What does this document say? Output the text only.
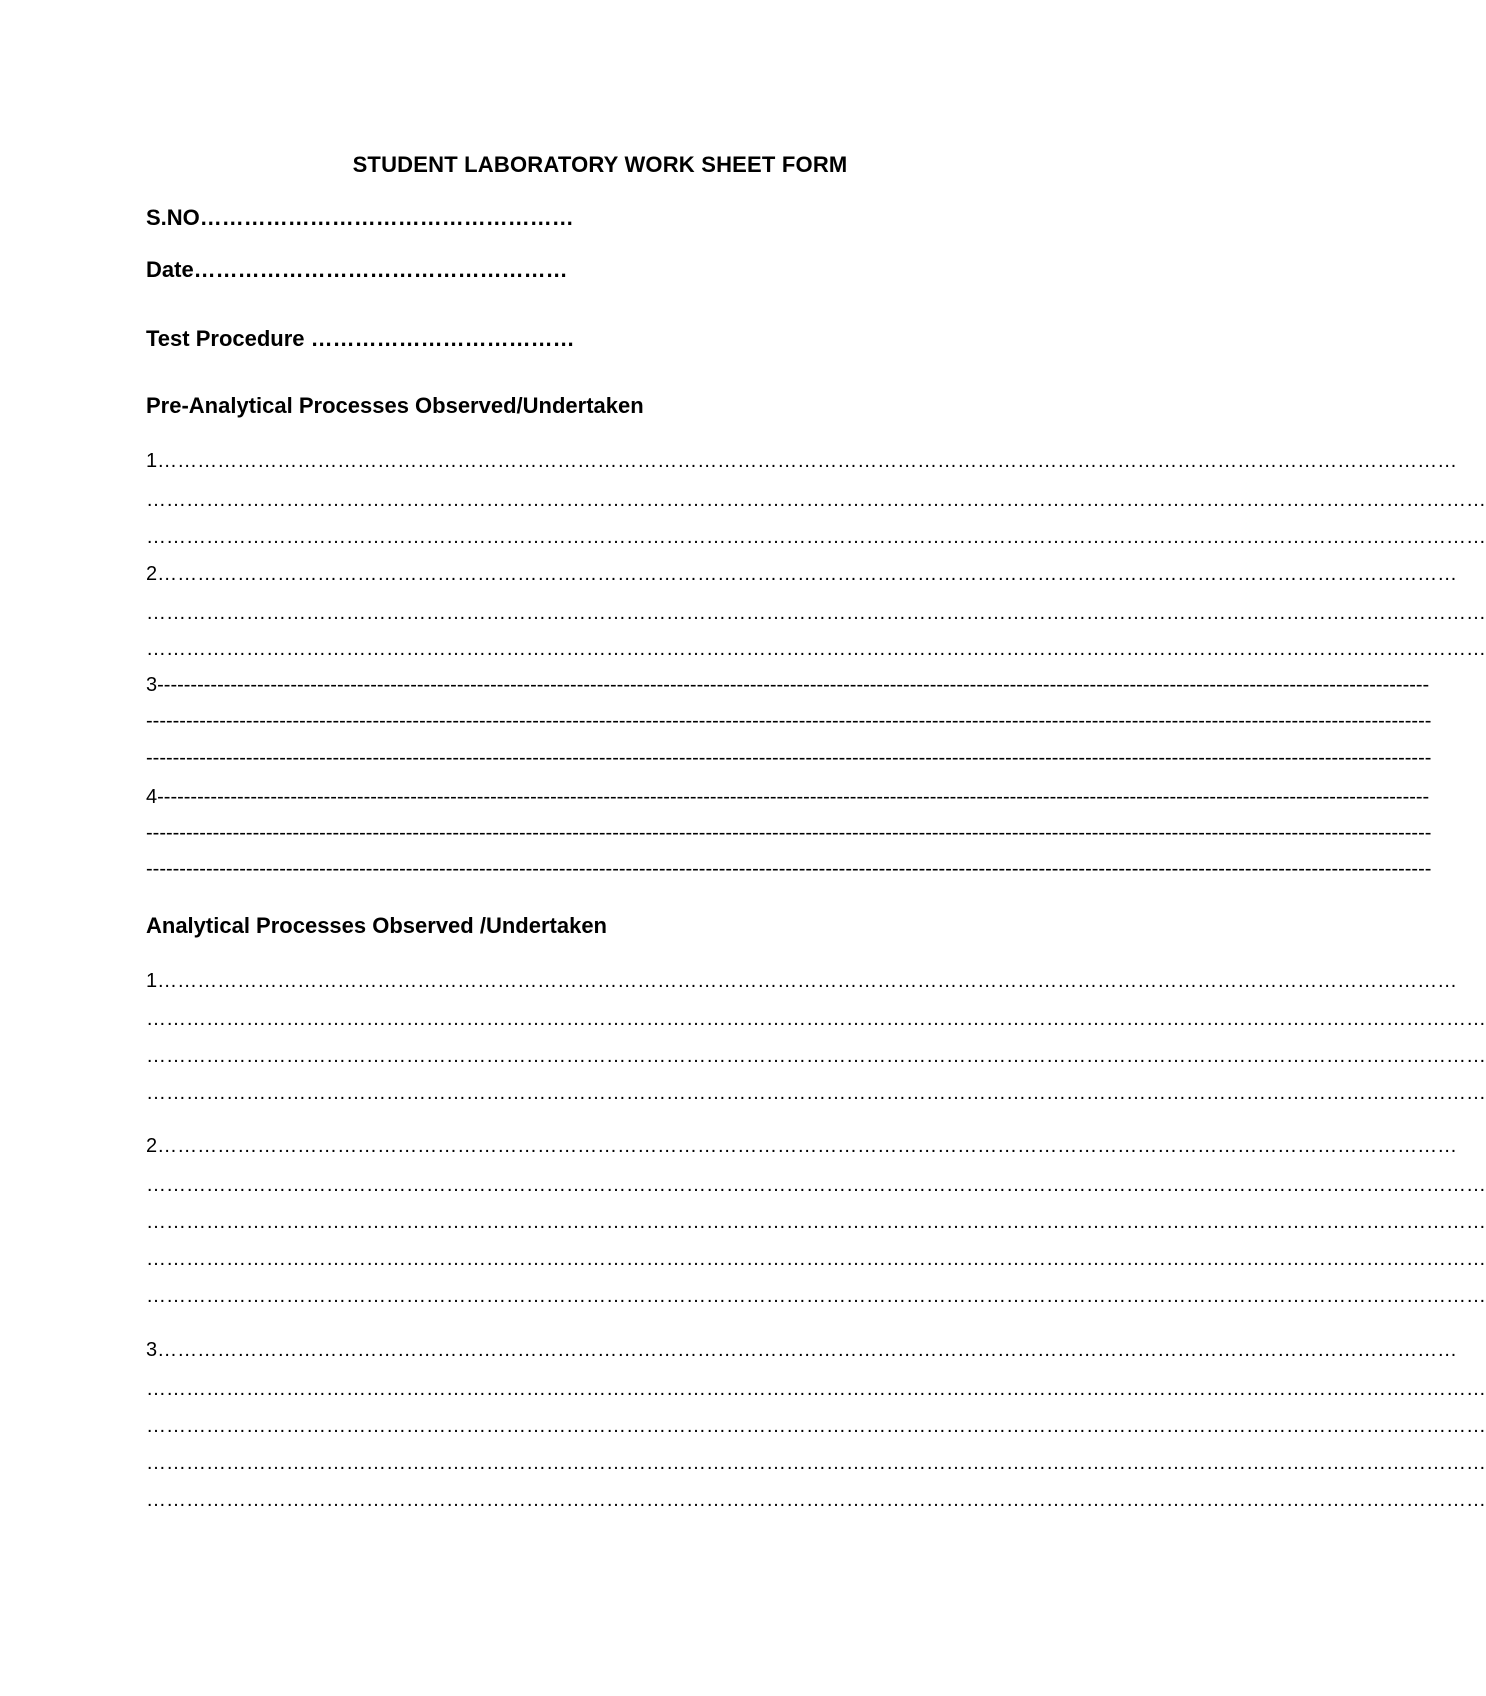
STUDENT LABORATORY WORK SHEET FORM
S.NO……………………………………………
Date……………………………………………
Test Procedure ………………………………
Pre-Analytical Processes Observed/Undertaken
1……………………………………………………………………………………………………………………………………………………………………………
…………………………………………………………………………………………………………………………………………………………………………………
…………………………………………………………………………………………………………………………………………………………………………………
2……………………………………………………………………………………………………………………………………………………………………………
…………………………………………………………………………………………………………………………………………………………………………………
…………………………………………………………………………………………………………………………………………………………………………………
3-----------------------------------------------------------------------------------------------------------------------------------------------------------------------------------------------
-------------------------------------------------------------------------------------------------------------------------------------------------------------------------------------------------
-------------------------------------------------------------------------------------------------------------------------------------------------------------------------------------------------
4-----------------------------------------------------------------------------------------------------------------------------------------------------------------------------------------------
-------------------------------------------------------------------------------------------------------------------------------------------------------------------------------------------------
-------------------------------------------------------------------------------------------------------------------------------------------------------------------------------------------------
Analytical Processes Observed /Undertaken
1……………………………………………………………………………………………………………………………………………………………………………
…………………………………………………………………………………………………………………………………………………………………………………
…………………………………………………………………………………………………………………………………………………………………………………
…………………………………………………………………………………………………………………………………………………………………………………
2……………………………………………………………………………………………………………………………………………………………………………
…………………………………………………………………………………………………………………………………………………………………………………
…………………………………………………………………………………………………………………………………………………………………………………
…………………………………………………………………………………………………………………………………………………………………………………
…………………………………………………………………………………………………………………………………………………………………………………
3……………………………………………………………………………………………………………………………………………………………………………
…………………………………………………………………………………………………………………………………………………………………………………
…………………………………………………………………………………………………………………………………………………………………………………
…………………………………………………………………………………………………………………………………………………………………………………
…………………………………………………………………………………………………………………………………………………………………………………
